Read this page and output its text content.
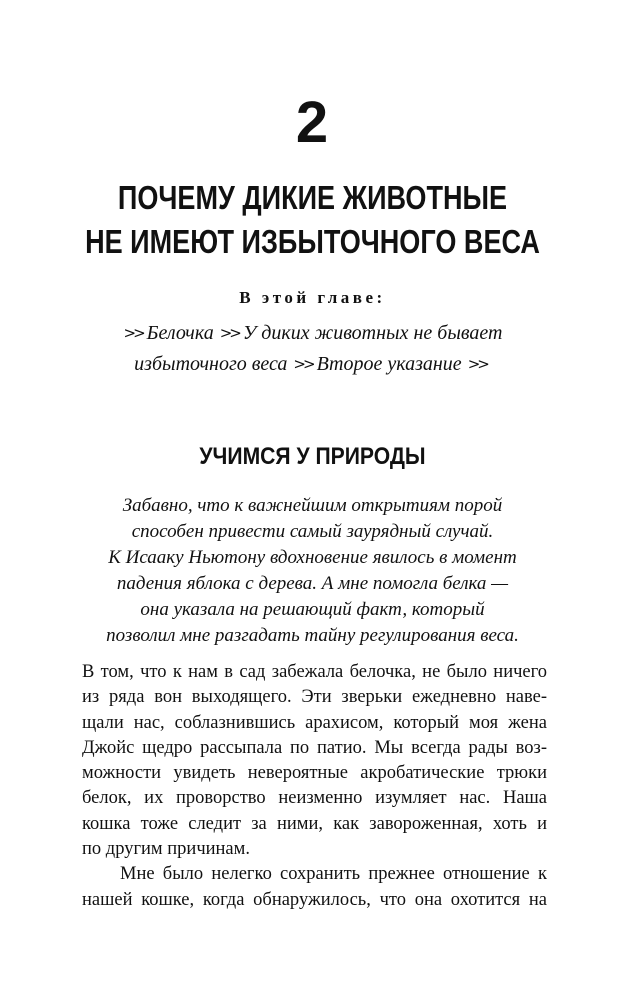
2
ПОЧЕМУ ДИКИЕ ЖИВОТНЫЕ
НЕ ИМЕЮТ ИЗБЫТОЧНОГО ВЕСА
В этой главе:
>> Белочка >> У диких животных не бывает
избыточного веса >> Второе указание >>
УЧИМСЯ У ПРИРОДЫ
Забавно, что к важнейшим открытиям порой
способен привести самый заурядный случай.
К Исааку Ньютону вдохновение явилось в момент
падения яблока с дерева. А мне помогла белка —
она указала на решающий факт, который
позволил мне разгадать тайну регулирования веса.
В том, что к нам в сад забежала белочка, не было ничего
из ряда вон выходящего. Эти зверьки ежедневно наве-
щали нас, соблазнившись арахисом, который моя жена
Джойс щедро рассыпала по патио. Мы всегда рады воз-
можности увидеть невероятные акробатические трюки
белок, их проворство неизменно изумляет нас. Наша
кошка тоже следит за ними, как завороженная, хоть и
по другим причинам.
Мне было нелегко сохранить прежнее отношение к
нашей кошке, когда обнаружилось, что она охотится на
